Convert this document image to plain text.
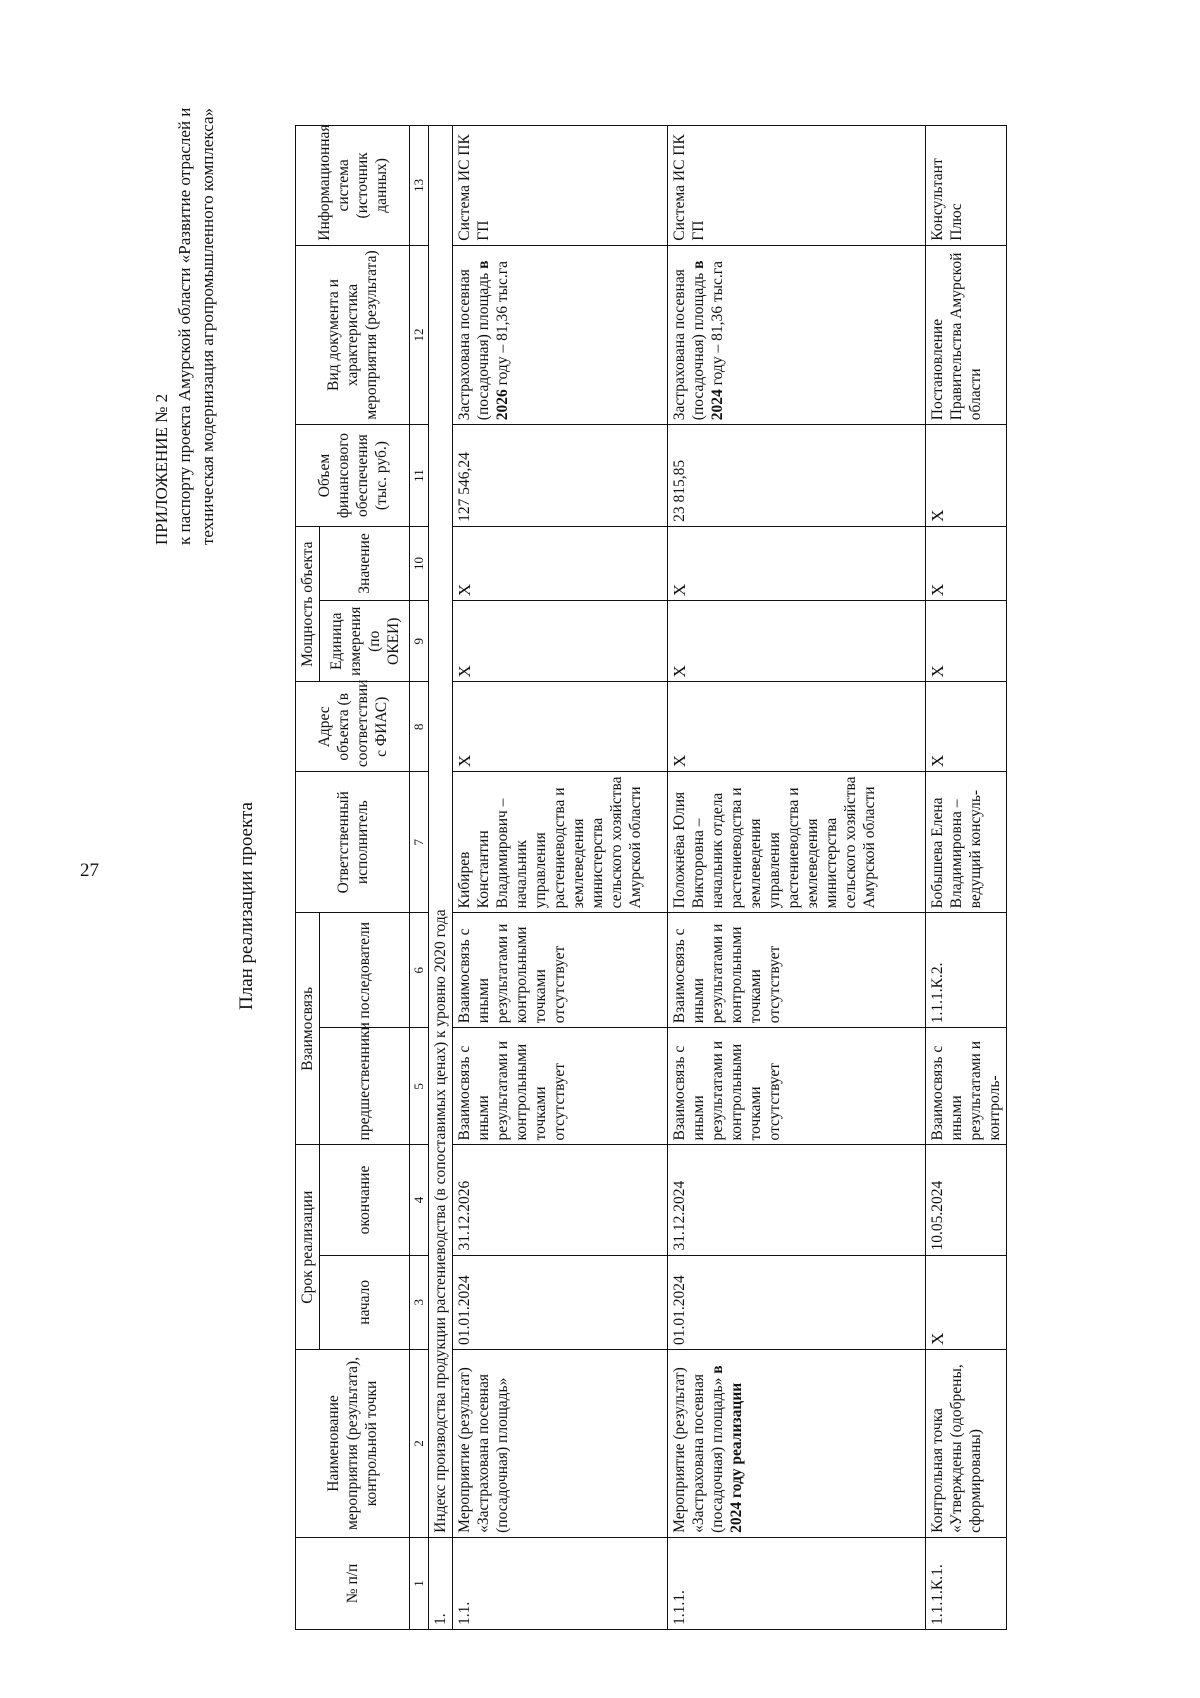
27
ПРИЛОЖЕНИЕ № 2 к паспорту проекта Амурской области «Развитие отраслей и техническая модернизация агропромышленного комплекса»
План реализации проекта
№ п/п	Наименование мероприятия (результата), контрольной точки	Срок реализации		Взаимосвязь		Ответственный исполнитель	Адрес объекта (в соответствии с ФИАС)	Мощность объекта		Объем финансового обеспечения (тыс. руб.)	Вид документа и характеристика мероприятия (результата)	Информационная система (источник данных)
		начало	окончание	предшественники	последователи			Единица измерения (по ОКЕИ)	Значение			
1	2	3	4	5	6	7	8	9	10	11	12	13
1.	Индекс производства продукции растениеводства (в сопоставимых ценах) к уровню 2020 года											
1.1.	Мероприятие (результат) «Застрахована посевная (посадочная) площадь»	01.01.2024	31.12.2026	Взаимосвязь с иными результатами и контрольными точками отсутствует	Взаимосвязь с иными результатами и контрольными точками отсутствует	Кибирев Константин Владимирович – начальник управления растениеводства и землеведения министерства сельского хозяйства Амурской области	X	X	X	127 546,24	Застрахована посевная (посадочная) площадь в 2026 году – 81,36 тыс.га	Система ИС ПК ГП
1.1.1.	Мероприятие (результат) «Застрахована посевная (посадочная) площадь» в 2024 году реализации	01.01.2024	31.12.2024	Взаимосвязь с иными результатами и контрольными точками отсутствует	Взаимосвязь с иными результатами и контрольными точками отсутствует	Положнёва Юлия Викторовна – начальник отдела растениеводства и землеведения управления растениеводства и землеведения министерства сельского хозяйства Амурской области	X	X	X	23 815,85	Застрахована посевная (посадочная) площадь в 2024 году – 81,36 тыс.га	Система ИС ПК ГП
1.1.1.К.1.	Контрольная точка «Утверждены (одобрены, сформированы)	X	10.05.2024	Взаимосвязь с иными результатами и контроль-	1.1.1.К.2.	Бобышева Елена Владимировна – ведущий консуль-	X	X	X	X	Постановление Правительства Амурской области	Консультант Плюс
